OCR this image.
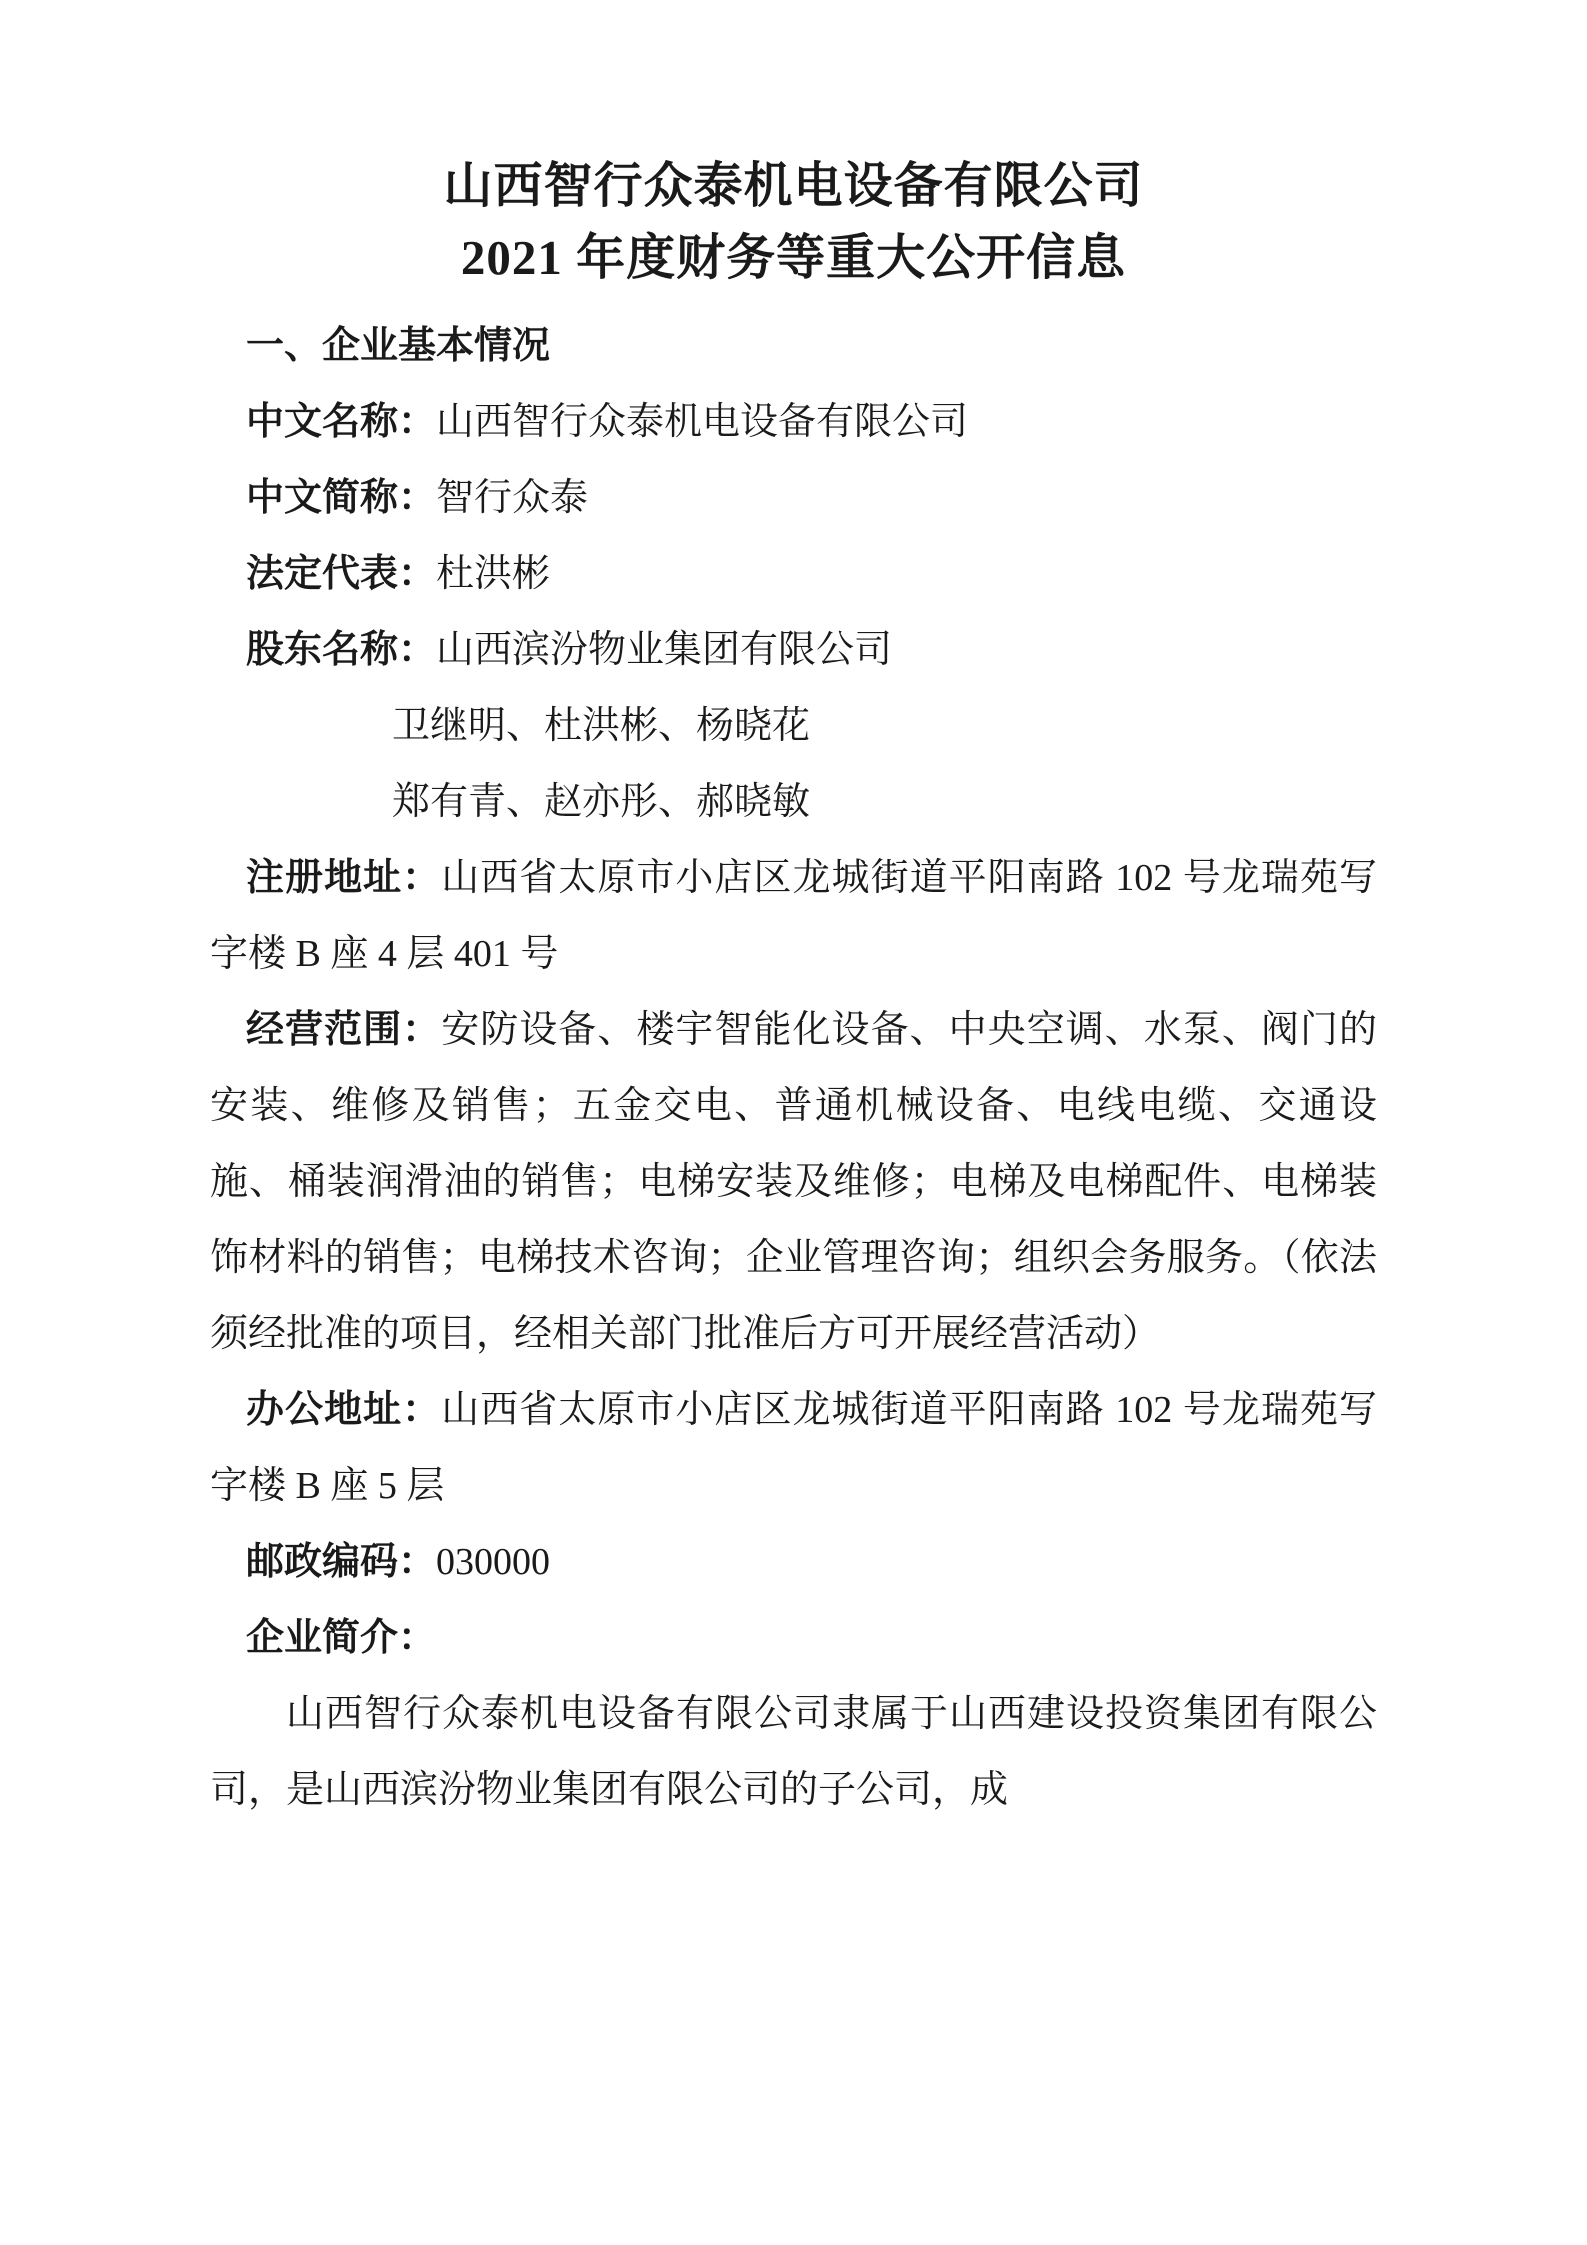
山西智行众泰机电设备有限公司
2021 年度财务等重大公开信息
一、企业基本情况

中文名称：山西智行众泰机电设备有限公司

中文简称：智行众泰

法定代表：杜洪彬

股东名称：山西滨汾物业集团有限公司

卫继明、杜洪彬、杨晓花

郑有青、赵亦彤、郝晓敏

注册地址：山西省太原市小店区龙城街道平阳南路 102 号龙瑞苑写字楼 B 座 4 层 401 号

经营范围：安防设备、楼宇智能化设备、中央空调、水泵、阀门的安装、维修及销售；五金交电、普通机械设备、电线电缆、交通设施、桶装润滑油的销售；电梯安装及维修；电梯及电梯配件、电梯装饰材料的销售；电梯技术咨询；企业管理咨询；组织会务服务。（依法须经批准的项目，经相关部门批准后方可开展经营活动）

办公地址：山西省太原市小店区龙城街道平阳南路 102 号龙瑞苑写字楼 B 座 5 层

邮政编码：030000

企业简介：

山西智行众泰机电设备有限公司隶属于山西建设投资集团有限公司，是山西滨汾物业集团有限公司的子公司，成
